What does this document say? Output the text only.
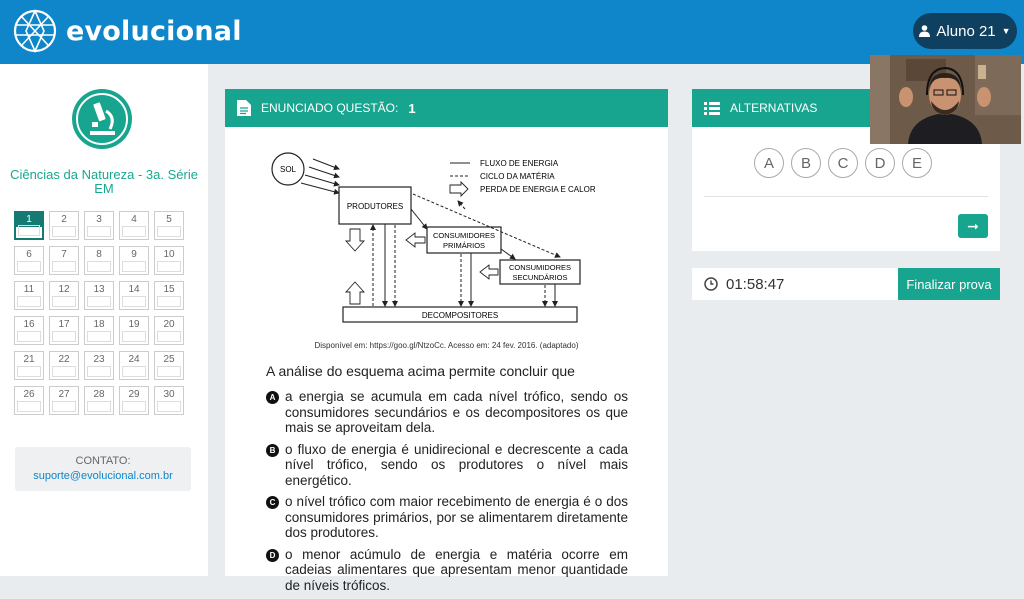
evolucional	Aluno 21 ▼
Ciências da Natureza - 3a. Série EM
1	2	3	4	5
6	7	8	9	10
11	12	13	14	15
16	17	18	19	20
21	22	23	24	25
26	27	28	29	30
CONTATO:
suporte@evolucional.com.br
ENUNCIADO QUESTÃO: 1
SOL
FLUXO DE ENERGIA
CICLO DA MATÉRIA
PERDA DE ENERGIA E CALOR
PRODUTORES
CONSUMIDORES
PRIMÁRIOS
CONSUMIDORES
SECUNDÁRIOS
DECOMPOSITORES
Disponível em: https://goo.gl/NtzoCc. Acesso em: 24 fev. 2016. (adaptado)
A análise do esquema acima permite concluir que
A a energia se acumula em cada nível trófico, sendo os consumidores secundários e os decompositores os que mais se aproveitam dela.
B o fluxo de energia é unidirecional e decrescente a cada nível trófico, sendo os produtores o nível mais energético.
C o nível trófico com maior recebimento de energia é o dos consumidores primários, por se alimentarem diretamente dos produtores.
D o menor acúmulo de energia e matéria ocorre em cadeias alimentares que apresentam menor quantidade de níveis tróficos.
ALTERNATIVAS
A	B	C	D	E
➞
01:58:47	Finalizar prova
